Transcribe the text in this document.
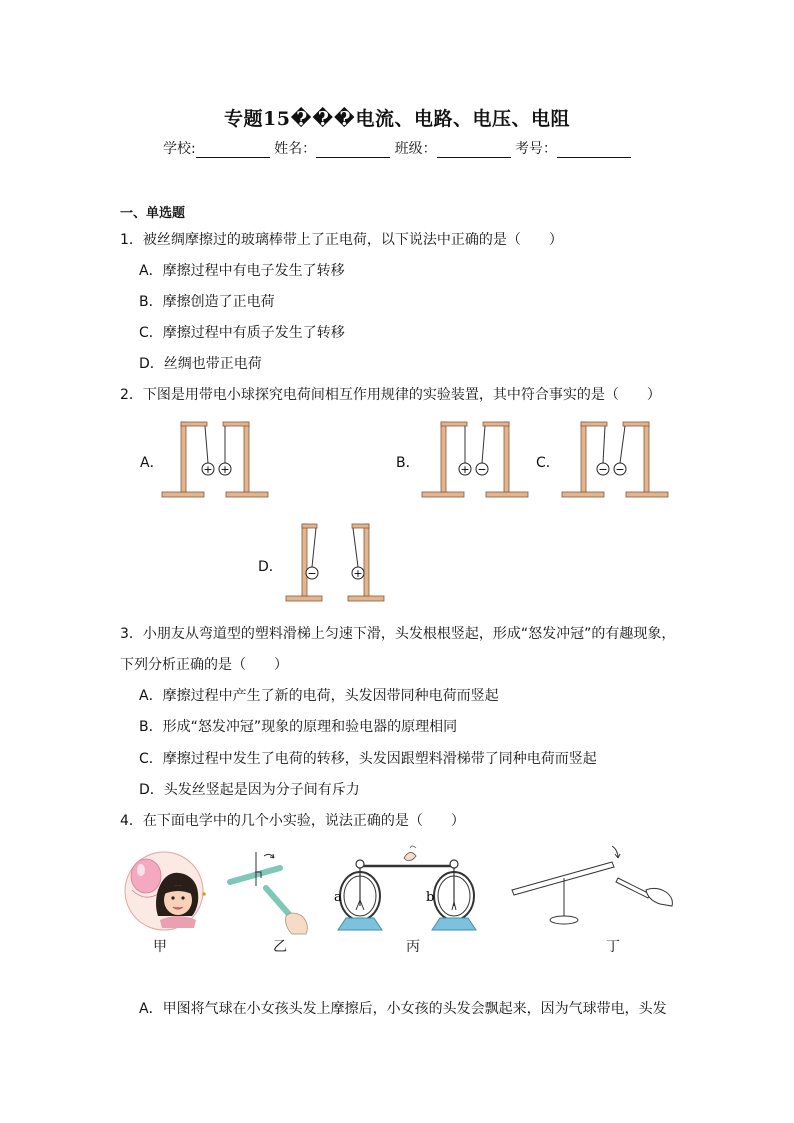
专题15���电流、电路、电压、电阻
学校:	姓名：	班级：	考号：
一、单选题
1．被丝绸摩擦过的玻璃棒带上了正电荷，以下说法中正确的是（　　）
A．摩擦过程中有电子发生了转移
B．摩擦创造了正电荷
C．摩擦过程中有质子发生了转移
D．丝绸也带正电荷
2．下图是用带电小球探究电荷间相互作用规律的实验装置，其中符合事实的是（　　）
A．	B．	C．
D．
+ +	+ −	− −
−	+
3．小朋友从弯道型的塑料滑梯上匀速下滑，头发根根竖起，形成“怒发冲冠”的有趣现象，
下列分析正确的是（　　）
A．摩擦过程中产生了新的电荷，头发因带同种电荷而竖起
B．形成“怒发冲冠”现象的原理和验电器的原理相同
C．摩擦过程中发生了电荷的转移，头发因跟塑料滑梯带了同种电荷而竖起
D．头发丝竖起是因为分子间有斥力
4．在下面电学中的几个小实验，说法正确的是（　　）
甲	乙
a	b
丙	丁
A．甲图将气球在小女孩头发上摩擦后，小女孩的头发会飘起来，因为气球带电，头发
